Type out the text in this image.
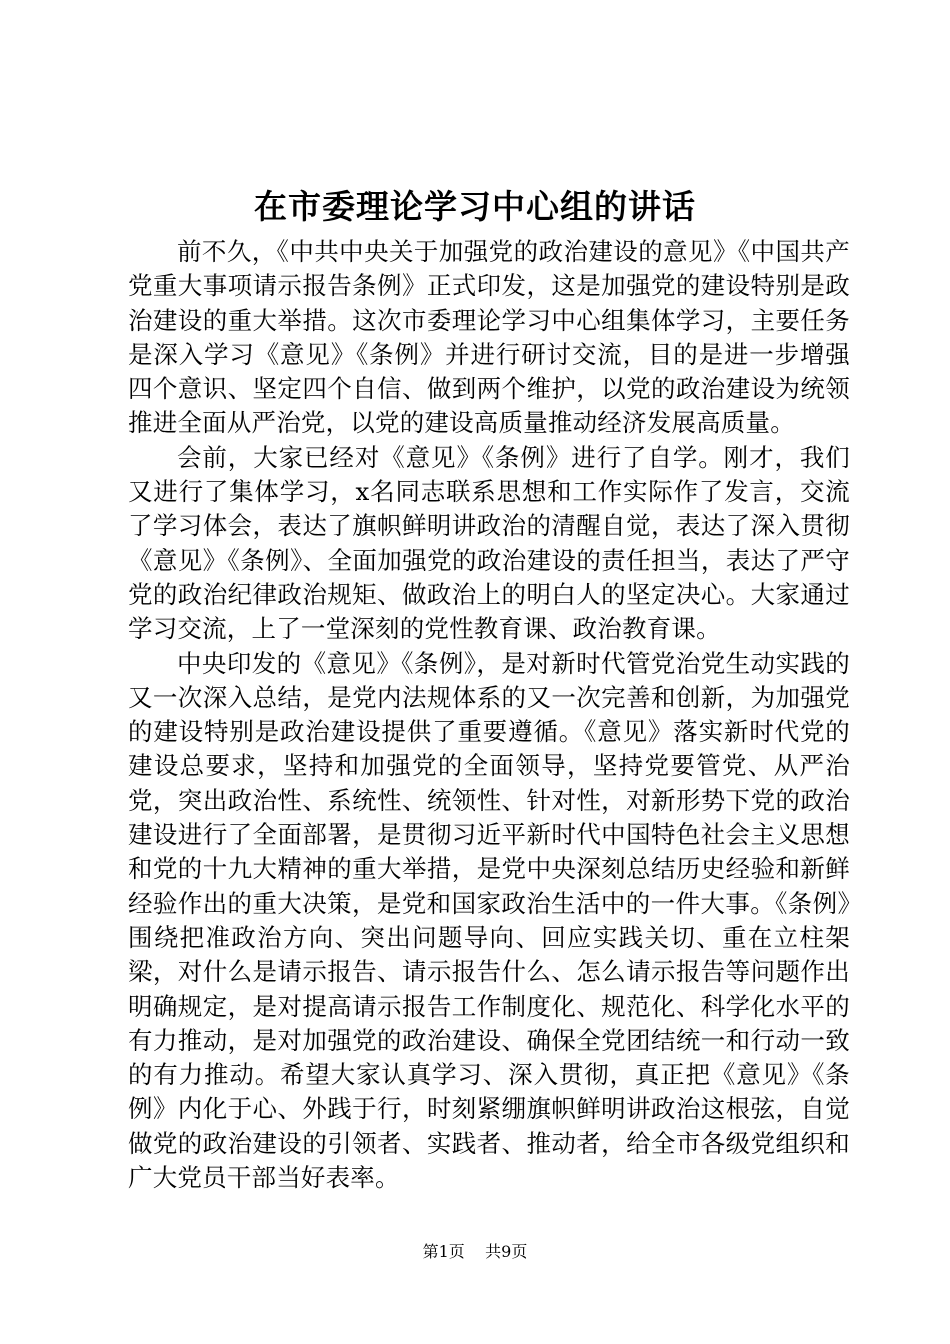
在市委理论学习中心组的讲话

前不久，《中共中央关于加强党的政治建设的意见》《中国共产党重大事项请示报告条例》正式印发，这是加强党的建设特别是政治建设的重大举措。这次市委理论学习中心组集体学习，主要任务是深入学习《意见》《条例》并进行研讨交流，目的是进一步增强四个意识、坚定四个自信、做到两个维护，以党的政治建设为统领推进全面从严治党，以党的建设高质量推动经济发展高质量。

会前，大家已经对《意见》《条例》进行了自学。刚才，我们又进行了集体学习，x名同志联系思想和工作实际作了发言，交流了学习体会，表达了旗帜鲜明讲政治的清醒自觉，表达了深入贯彻《意见》《条例》、全面加强党的政治建设的责任担当，表达了严守党的政治纪律政治规矩、做政治上的明白人的坚定决心。大家通过学习交流，上了一堂深刻的党性教育课、政治教育课。

中央印发的《意见》《条例》，是对新时代管党治党生动实践的又一次深入总结，是党内法规体系的又一次完善和创新，为加强党的建设特别是政治建设提供了重要遵循。《意见》落实新时代党的建设总要求，坚持和加强党的全面领导，坚持党要管党、从严治党，突出政治性、系统性、统领性、针对性，对新形势下党的政治建设进行了全面部署，是贯彻习近平新时代中国特色社会主义思想和党的十九大精神的重大举措，是党中央深刻总结历史经验和新鲜经验作出的重大决策，是党和国家政治生活中的一件大事。《条例》围绕把准政治方向、突出问题导向、回应实践关切、重在立柱架梁，对什么是请示报告、请示报告什么、怎么请示报告等问题作出明确规定，是对提高请示报告工作制度化、规范化、科学化水平的有力推动，是对加强党的政治建设、确保全党团结统一和行动一致的有力推动。希望大家认真学习、深入贯彻，真正把《意见》《条例》内化于心、外践于行，时刻紧绷旗帜鲜明讲政治这根弦，自觉做党的政治建设的引领者、实践者、推动者，给全市各级党组织和广大党员干部当好表率。

第1页 共9页
